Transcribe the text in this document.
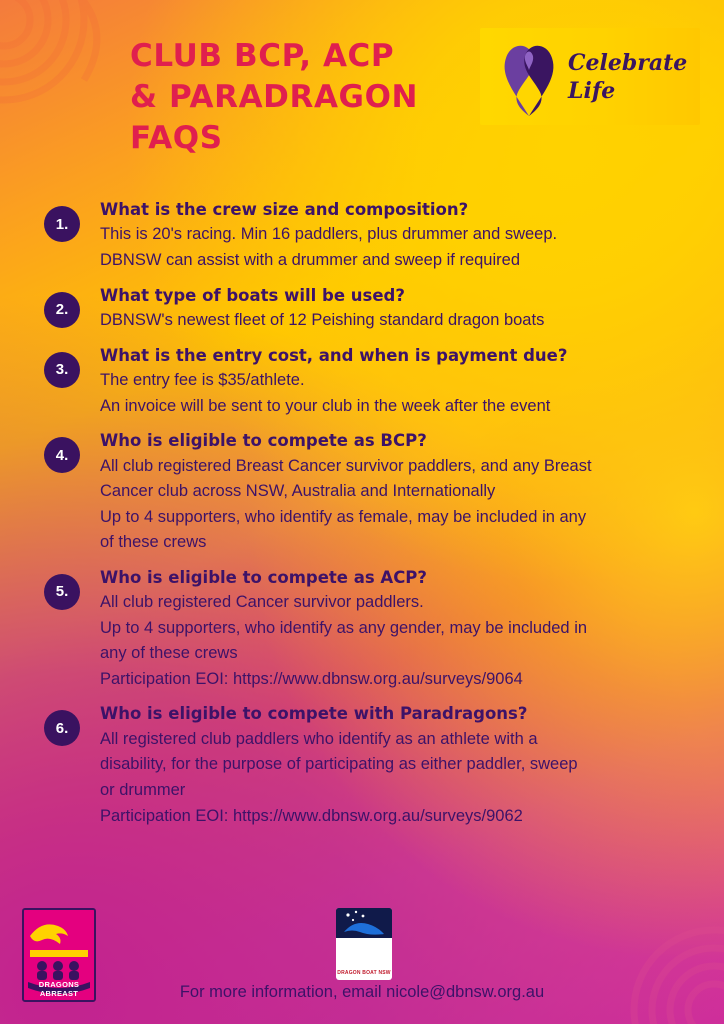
CLUB BCP, ACP

& PARADRAGON

FAQS

Celebrate
Life
1.

What is the crew size and composition?

This is 20's racing. Min 16 paddlers, plus drummer and sweep.

DBNSW can assist with a drummer and sweep if required

2.

What type of boats will be used?

DBNSW's newest fleet of 12 Peishing standard dragon boats

3.

What is the entry cost, and when is payment due?

The entry fee is $35/athlete.

An invoice will be sent to your club in the week after the event

4.

Who is eligible to compete as BCP?

All club registered Breast Cancer survivor paddlers, and any Breast

Cancer club across NSW, Australia and Internationally

Up to 4 supporters, who identify as female, may be included in any

of these crews

5.

Who is eligible to compete as ACP?

All club registered Cancer survivor paddlers.

Up to 4 supporters, who identify as any gender, may be included in

any of these crews

Participation EOI: https://www.dbnsw.org.au/surveys/9064

6.

Who is eligible to compete with Paradragons?

All registered club paddlers who identify as an athlete with a

disability, for the purpose of participating as either paddler, sweep

or drummer

Participation EOI: https://www.dbnsw.org.au/surveys/9062

DRAGONS
ABREAST
DRAGON BOAT NSW
For more information, email nicole@dbnsw.org.au
